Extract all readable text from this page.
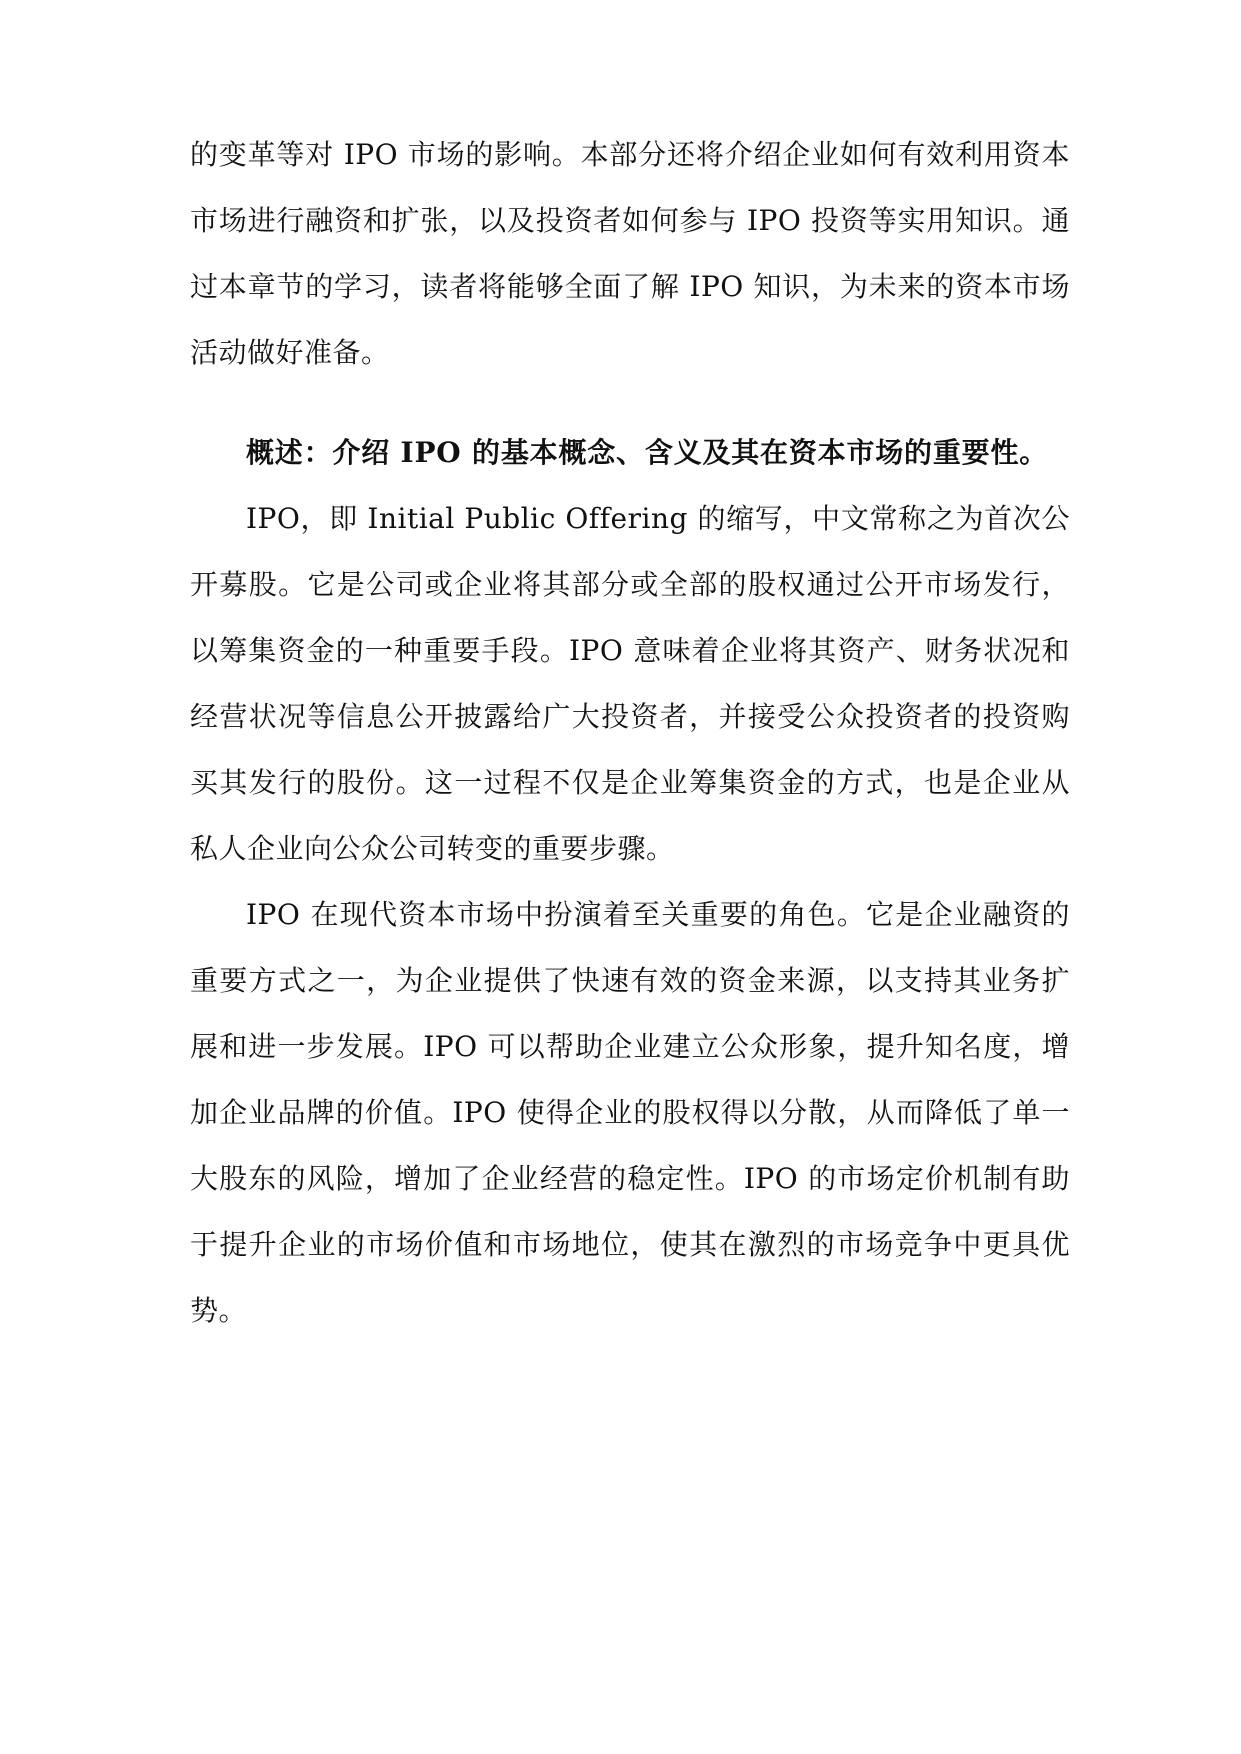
的变革等对 IPO 市场的影响。本部分还将介绍企业如何有效利用资本
市场进行融资和扩张，以及投资者如何参与 IPO 投资等实用知识。通
过本章节的学习，读者将能够全面了解 IPO 知识，为未来的资本市场
活动做好准备。
概述：介绍 IPO 的基本概念、含义及其在资本市场的重要性。
IPO，即 Initial Public Offering 的缩写，中文常称之为首次公
开募股。它是公司或企业将其部分或全部的股权通过公开市场发行，
以筹集资金的一种重要手段。IPO 意味着企业将其资产、财务状况和
经营状况等信息公开披露给广大投资者，并接受公众投资者的投资购
买其发行的股份。这一过程不仅是企业筹集资金的方式，也是企业从
私人企业向公众公司转变的重要步骤。
IPO 在现代资本市场中扮演着至关重要的角色。它是企业融资的
重要方式之一，为企业提供了快速有效的资金来源，以支持其业务扩
展和进一步发展。IPO 可以帮助企业建立公众形象，提升知名度，增
加企业品牌的价值。IPO 使得企业的股权得以分散，从而降低了单一
大股东的风险，增加了企业经营的稳定性。IPO 的市场定价机制有助
于提升企业的市场价值和市场地位，使其在激烈的市场竞争中更具优
势。
